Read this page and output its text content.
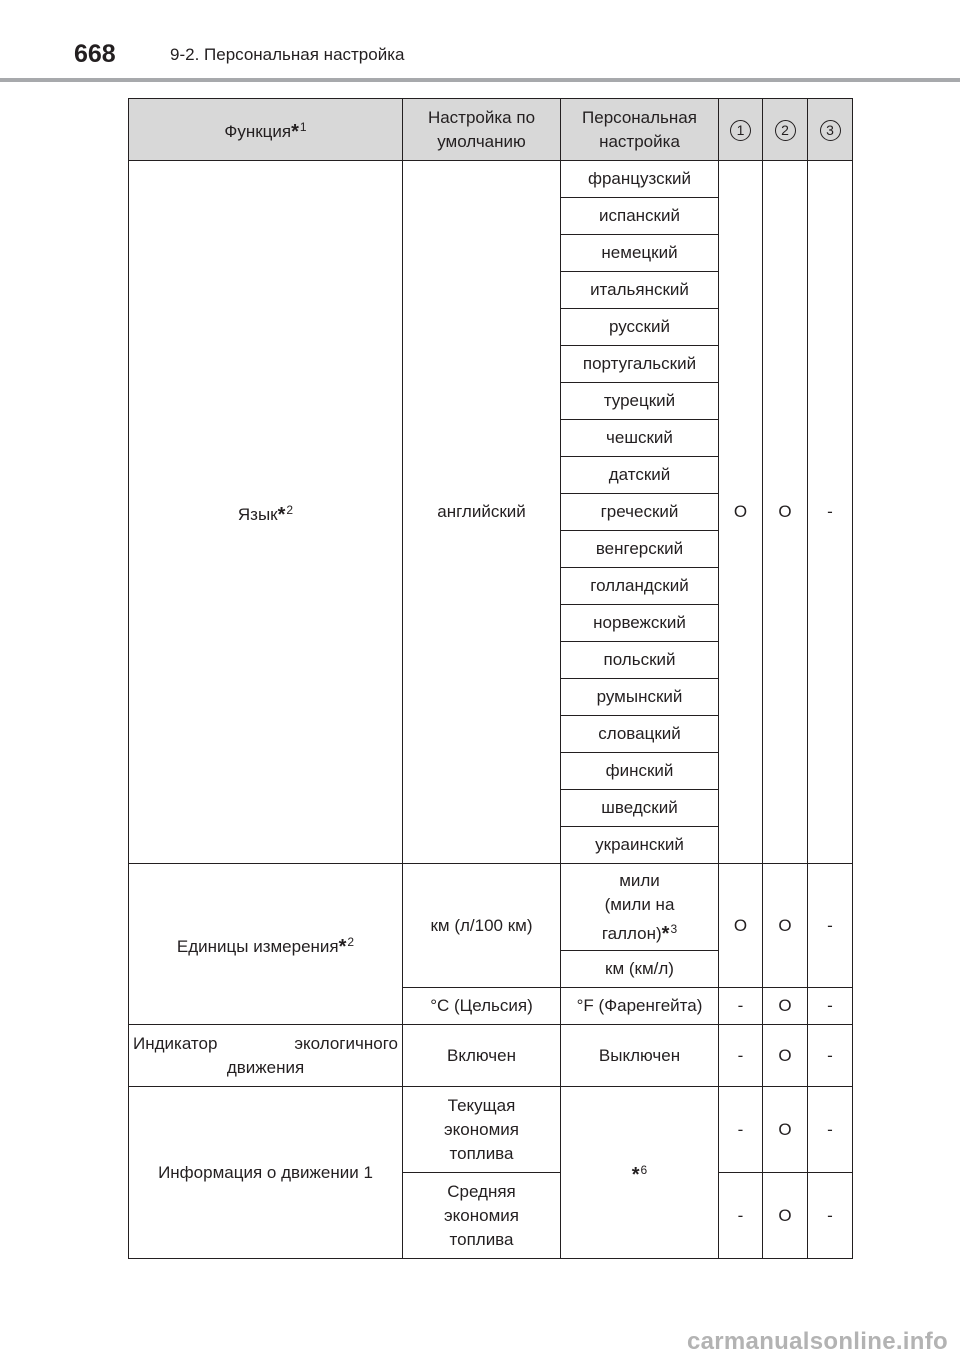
668	9-2. Персональная настройка
Функция*$^1$	Настройка по умолчанию	Персональная настройка	1	2	3
Язык*$^2$	английский	французский	O	O	-
		испанский			
		немецкий			
		итальянский			
		русский			
		португальский			
		турецкий			
		чешский			
		датский			
		греческий			
		венгерский			
		голландский			
		норвежский			
		польский			
		румынский			
		словацкий			
		финский			
		шведский			
		украинский			
Единицы измерения*$^2$	км (л/100 км)	мили
(мили на
галлон)*$^3$	O	O	-
		км (км/л)			
	°C (Цельсия)	°F (Фаренгейта)	-	O	-

Индикатор экологичного
движения	Включен	Выключен	-	O	-
Информация о движении 1	Текущая
экономия
топлива	*$^6$	-	O	-

	Средняя
экономия
топлива		-	O	-
carmanualsonline.info
